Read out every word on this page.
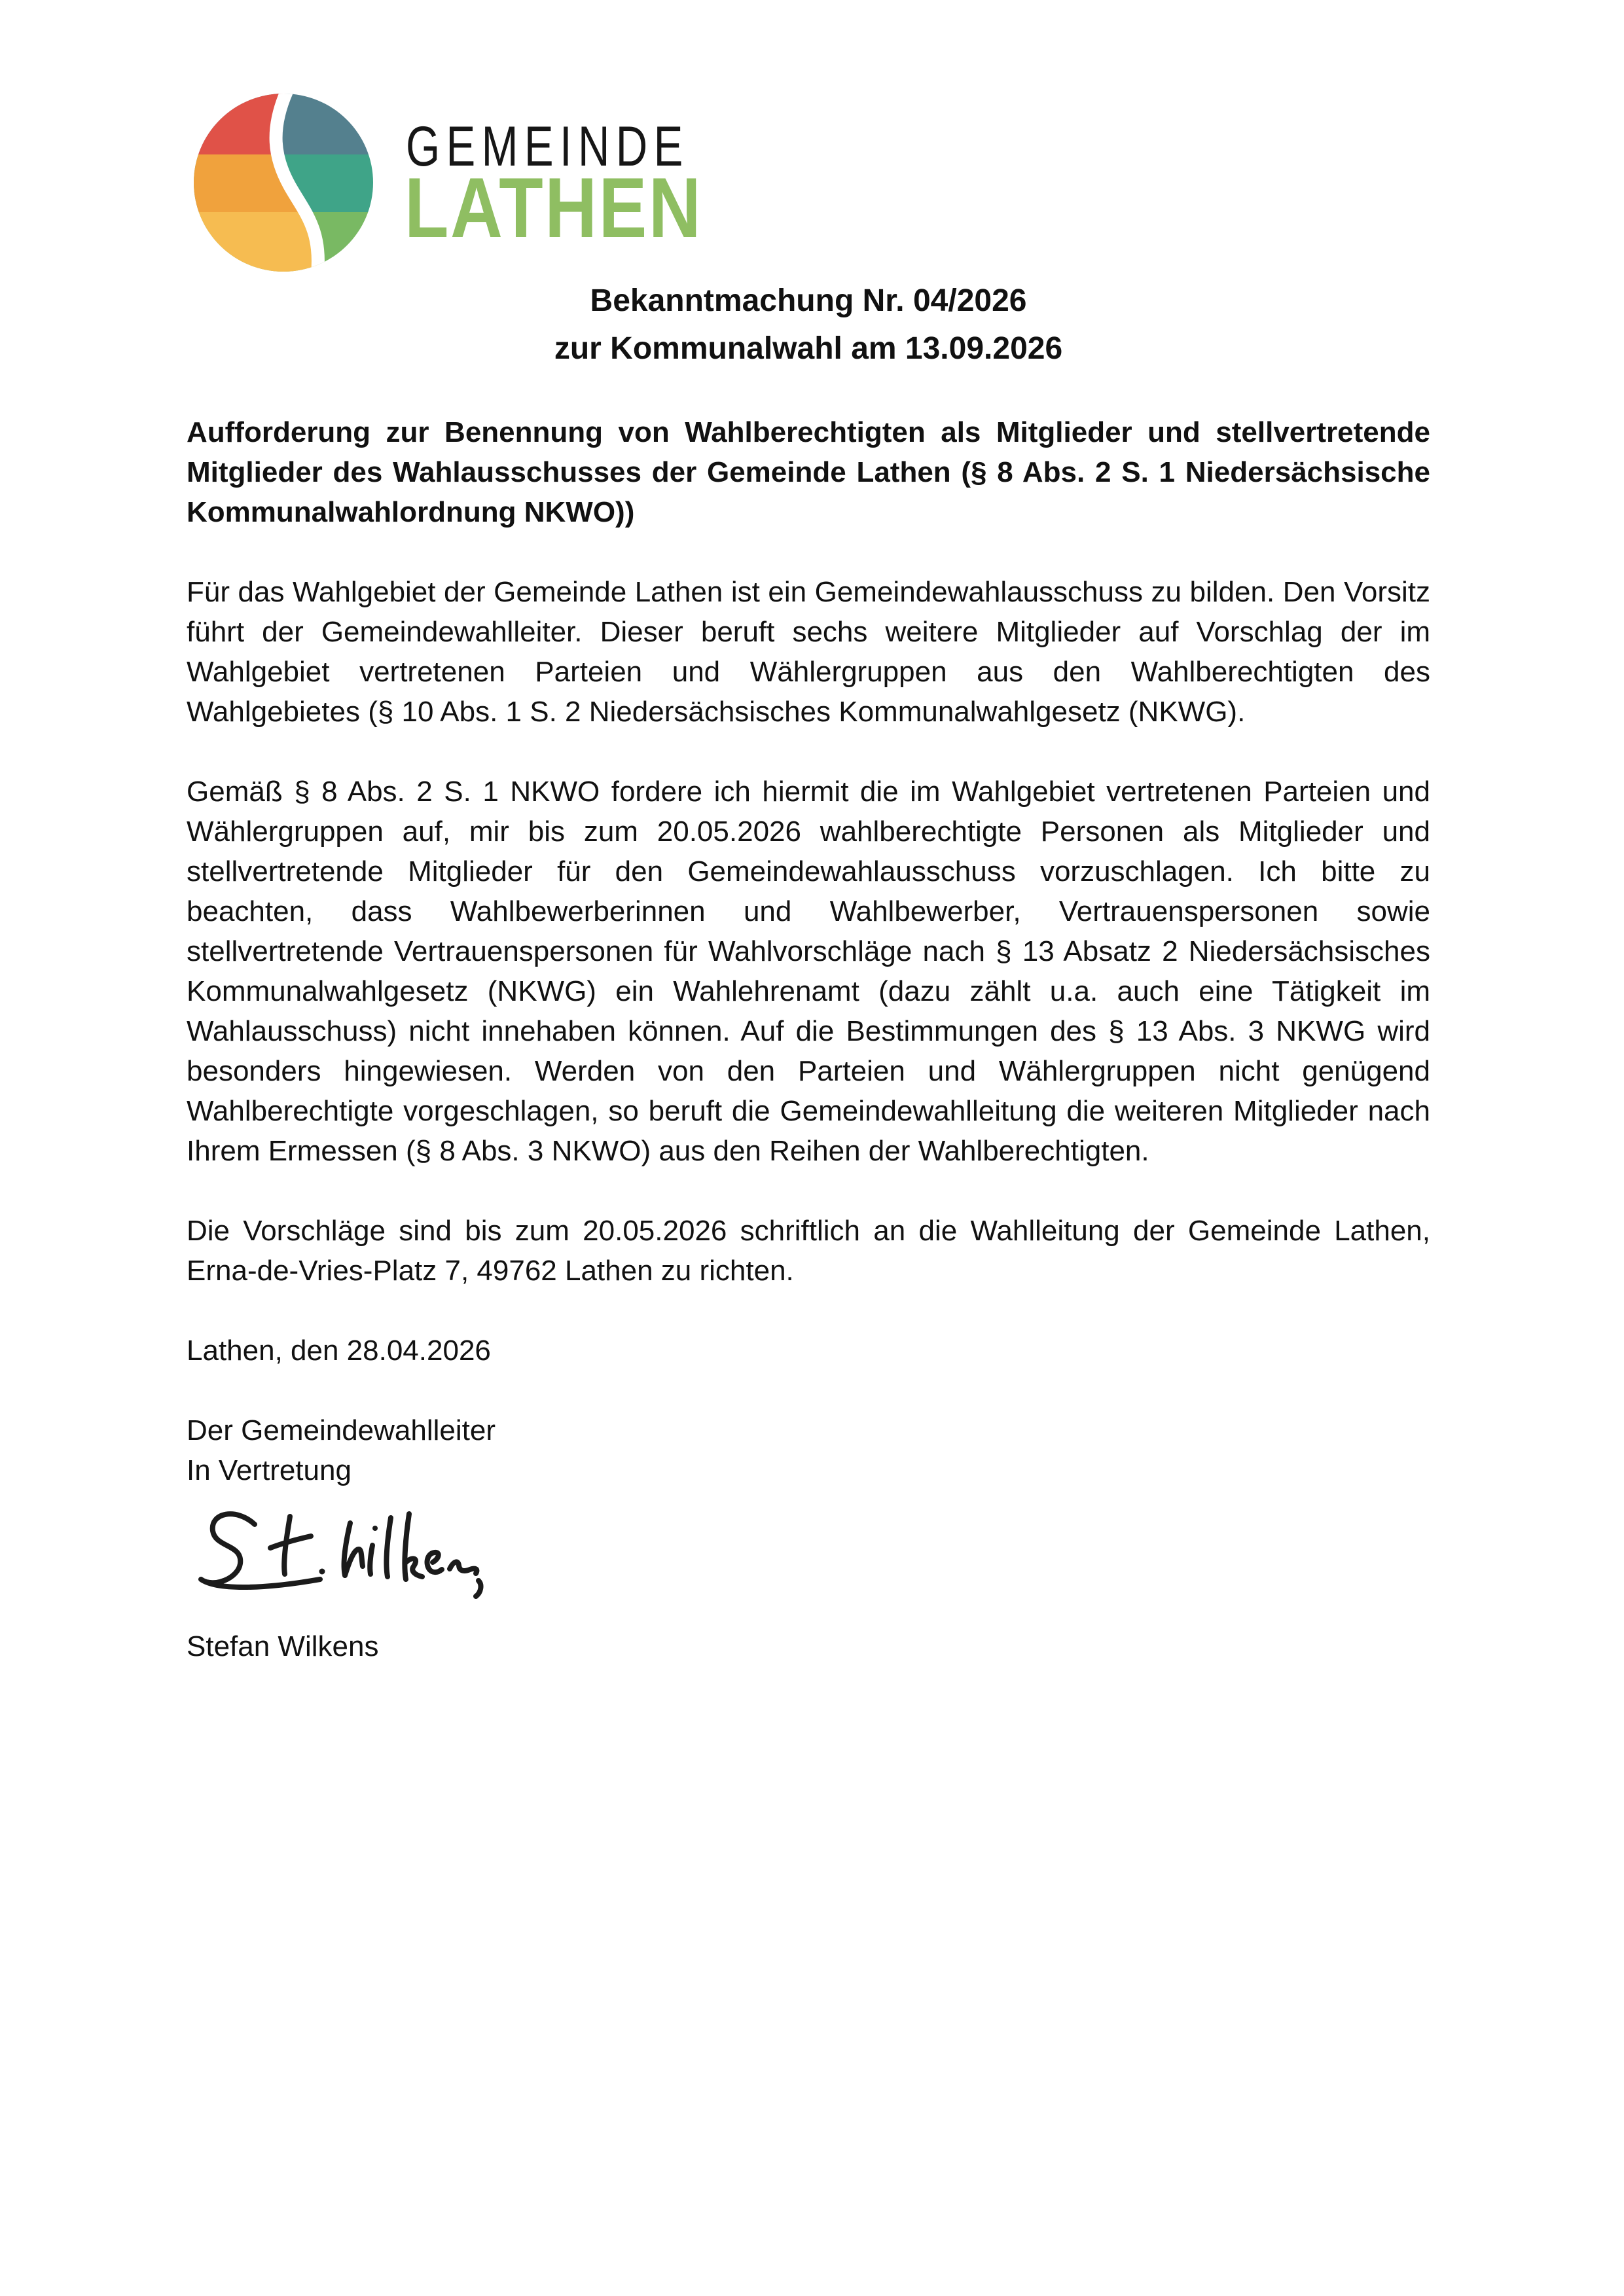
GEMEINDE
LATHEN
Bekanntmachung Nr. 04/2026
zur Kommunalwahl am 13.09.2026

Aufforderung zur Benennung von Wahlberechtigten als Mitglieder und stellvertretende Mitglieder des Wahlausschusses der Gemeinde Lathen (§ 8 Abs. 2 S. 1 Niedersächsische Kommunalwahlordnung NKWO))

Für das Wahlgebiet der Gemeinde Lathen ist ein Gemeindewahlausschuss zu bilden. Den Vorsitz führt der Gemeindewahlleiter. Dieser beruft sechs weitere Mitglieder auf Vorschlag der im Wahlgebiet vertretenen Parteien und Wählergruppen aus den Wahlberechtigten des Wahlgebietes (§ 10 Abs. 1 S. 2 Niedersächsisches Kommunalwahlgesetz (NKWG).

Gemäß § 8 Abs. 2 S. 1 NKWO fordere ich hiermit die im Wahlgebiet vertretenen Parteien und Wählergruppen auf, mir bis zum 20.05.2026 wahlberechtigte Personen als Mitglieder und stellvertretende Mitglieder für den Gemeindewahlausschuss vorzuschlagen. Ich bitte zu beachten, dass Wahlbewerberinnen und Wahlbewerber, Vertrauenspersonen sowie stellvertretende Vertrauenspersonen für Wahlvorschläge nach § 13 Absatz 2 Niedersächsisches Kommunalwahlgesetz (NKWG) ein Wahlehrenamt (dazu zählt u.a. auch eine Tätigkeit im Wahlausschuss) nicht innehaben können. Auf die Bestimmungen des § 13 Abs. 3 NKWG wird besonders hingewiesen. Werden von den Parteien und Wählergruppen nicht genügend Wahlberechtigte vorgeschlagen, so beruft die Gemeindewahlleitung die weiteren Mitglieder nach Ihrem Ermessen (§ 8 Abs. 3 NKWO) aus den Reihen der Wahlberechtigten.

Die Vorschläge sind bis zum 20.05.2026 schriftlich an die Wahlleitung der Gemeinde Lathen, Erna-de-Vries-Platz 7, 49762 Lathen zu richten.

Lathen, den 28.04.2026

Der Gemeindewahlleiter
In Vertretung
Stefan Wilkens
